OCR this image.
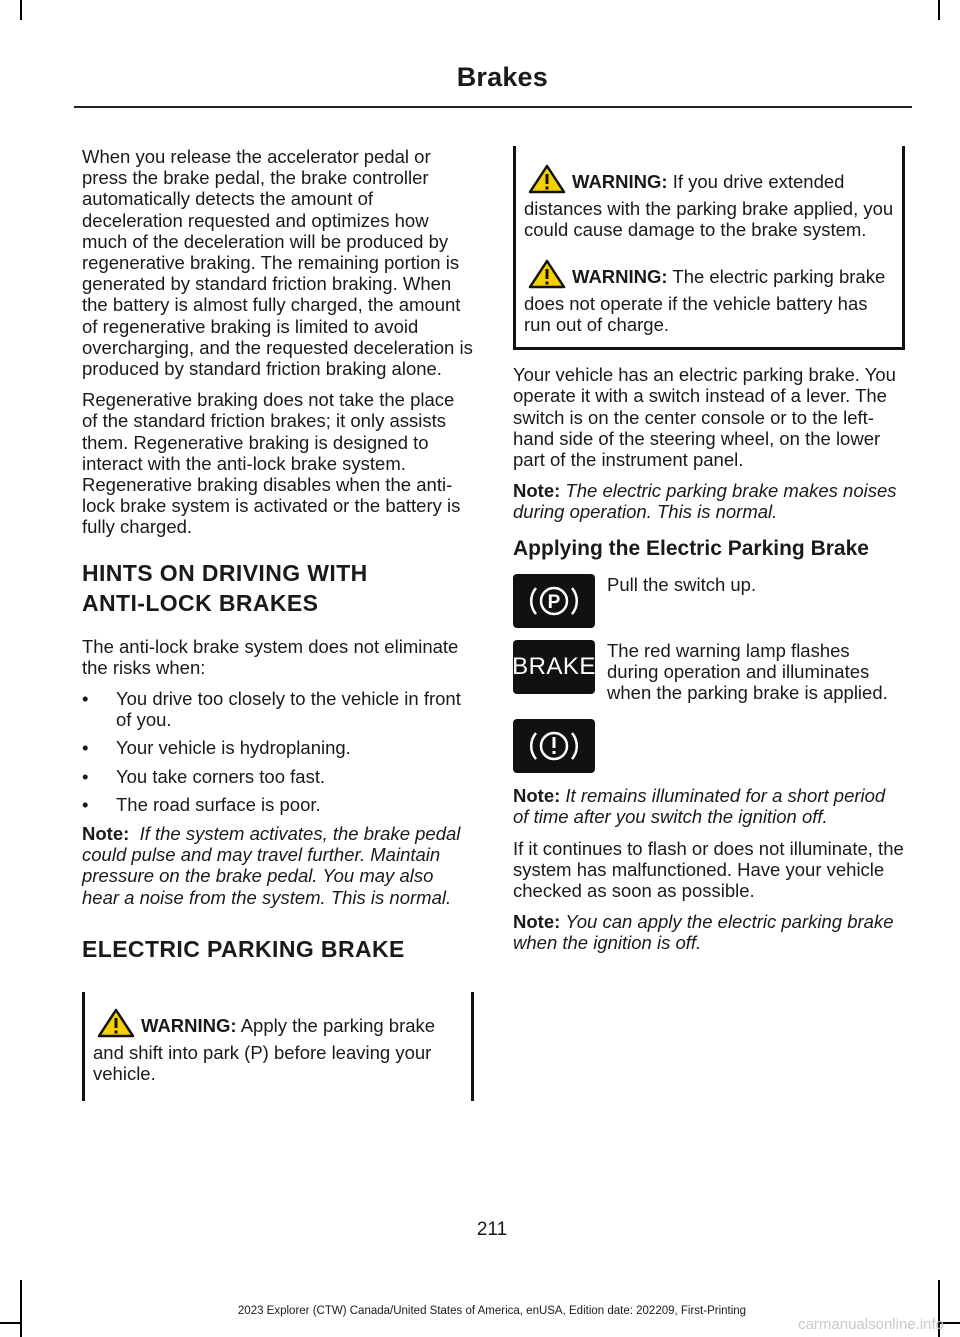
Brakes

When you release the accelerator pedal or press the brake pedal, the brake controller automatically detects the amount of deceleration requested and optimizes how much of the deceleration will be produced by regenerative braking. The remaining portion is generated by standard friction braking. When the battery is almost fully charged, the amount of regenerative braking is limited to avoid overcharging, and the requested deceleration is produced by standard friction braking alone.

Regenerative braking does not take the place of the standard friction brakes; it only assists them. Regenerative braking is designed to interact with the anti-lock brake system. Regenerative braking disables when the anti-lock brake system is activated or the battery is fully charged.

HINTS ON DRIVING WITH
ANTI-LOCK BRAKES

The anti-lock brake system does not eliminate the risks when:

• You drive too closely to the vehicle in front of you.
• Your vehicle is hydroplaning.
• You take corners too fast.
• The road surface is poor.

Note: If the system activates, the brake pedal could pulse and may travel further. Maintain pressure on the brake pedal. You may also hear a noise from the system. This is normal.

ELECTRIC PARKING BRAKE

WARNING: Apply the parking brake and shift into park (P) before leaving your vehicle.

WARNING: If you drive extended distances with the parking brake applied, you could cause damage to the brake system.

WARNING: The electric parking brake does not operate if the vehicle battery has run out of charge.

Your vehicle has an electric parking brake. You operate it with a switch instead of a lever. The switch is on the center console or to the left-hand side of the steering wheel, on the lower part of the instrument panel.

Note: The electric parking brake makes noises during operation. This is normal.

Applying the Electric Parking Brake
P

Pull the switch up.

BRAKE

The red warning lamp flashes during operation and illuminates when the parking brake is applied.

Note: It remains illuminated for a short period of time after you switch the ignition off.

If it continues to flash or does not illuminate, the system has malfunctioned. Have your vehicle checked as soon as possible.

Note: You can apply the electric parking brake when the ignition is off.

211
2023 Explorer (CTW) Canada/United States of America, enUSA, Edition date: 202209, First-Printing
carmanualsonline.info
